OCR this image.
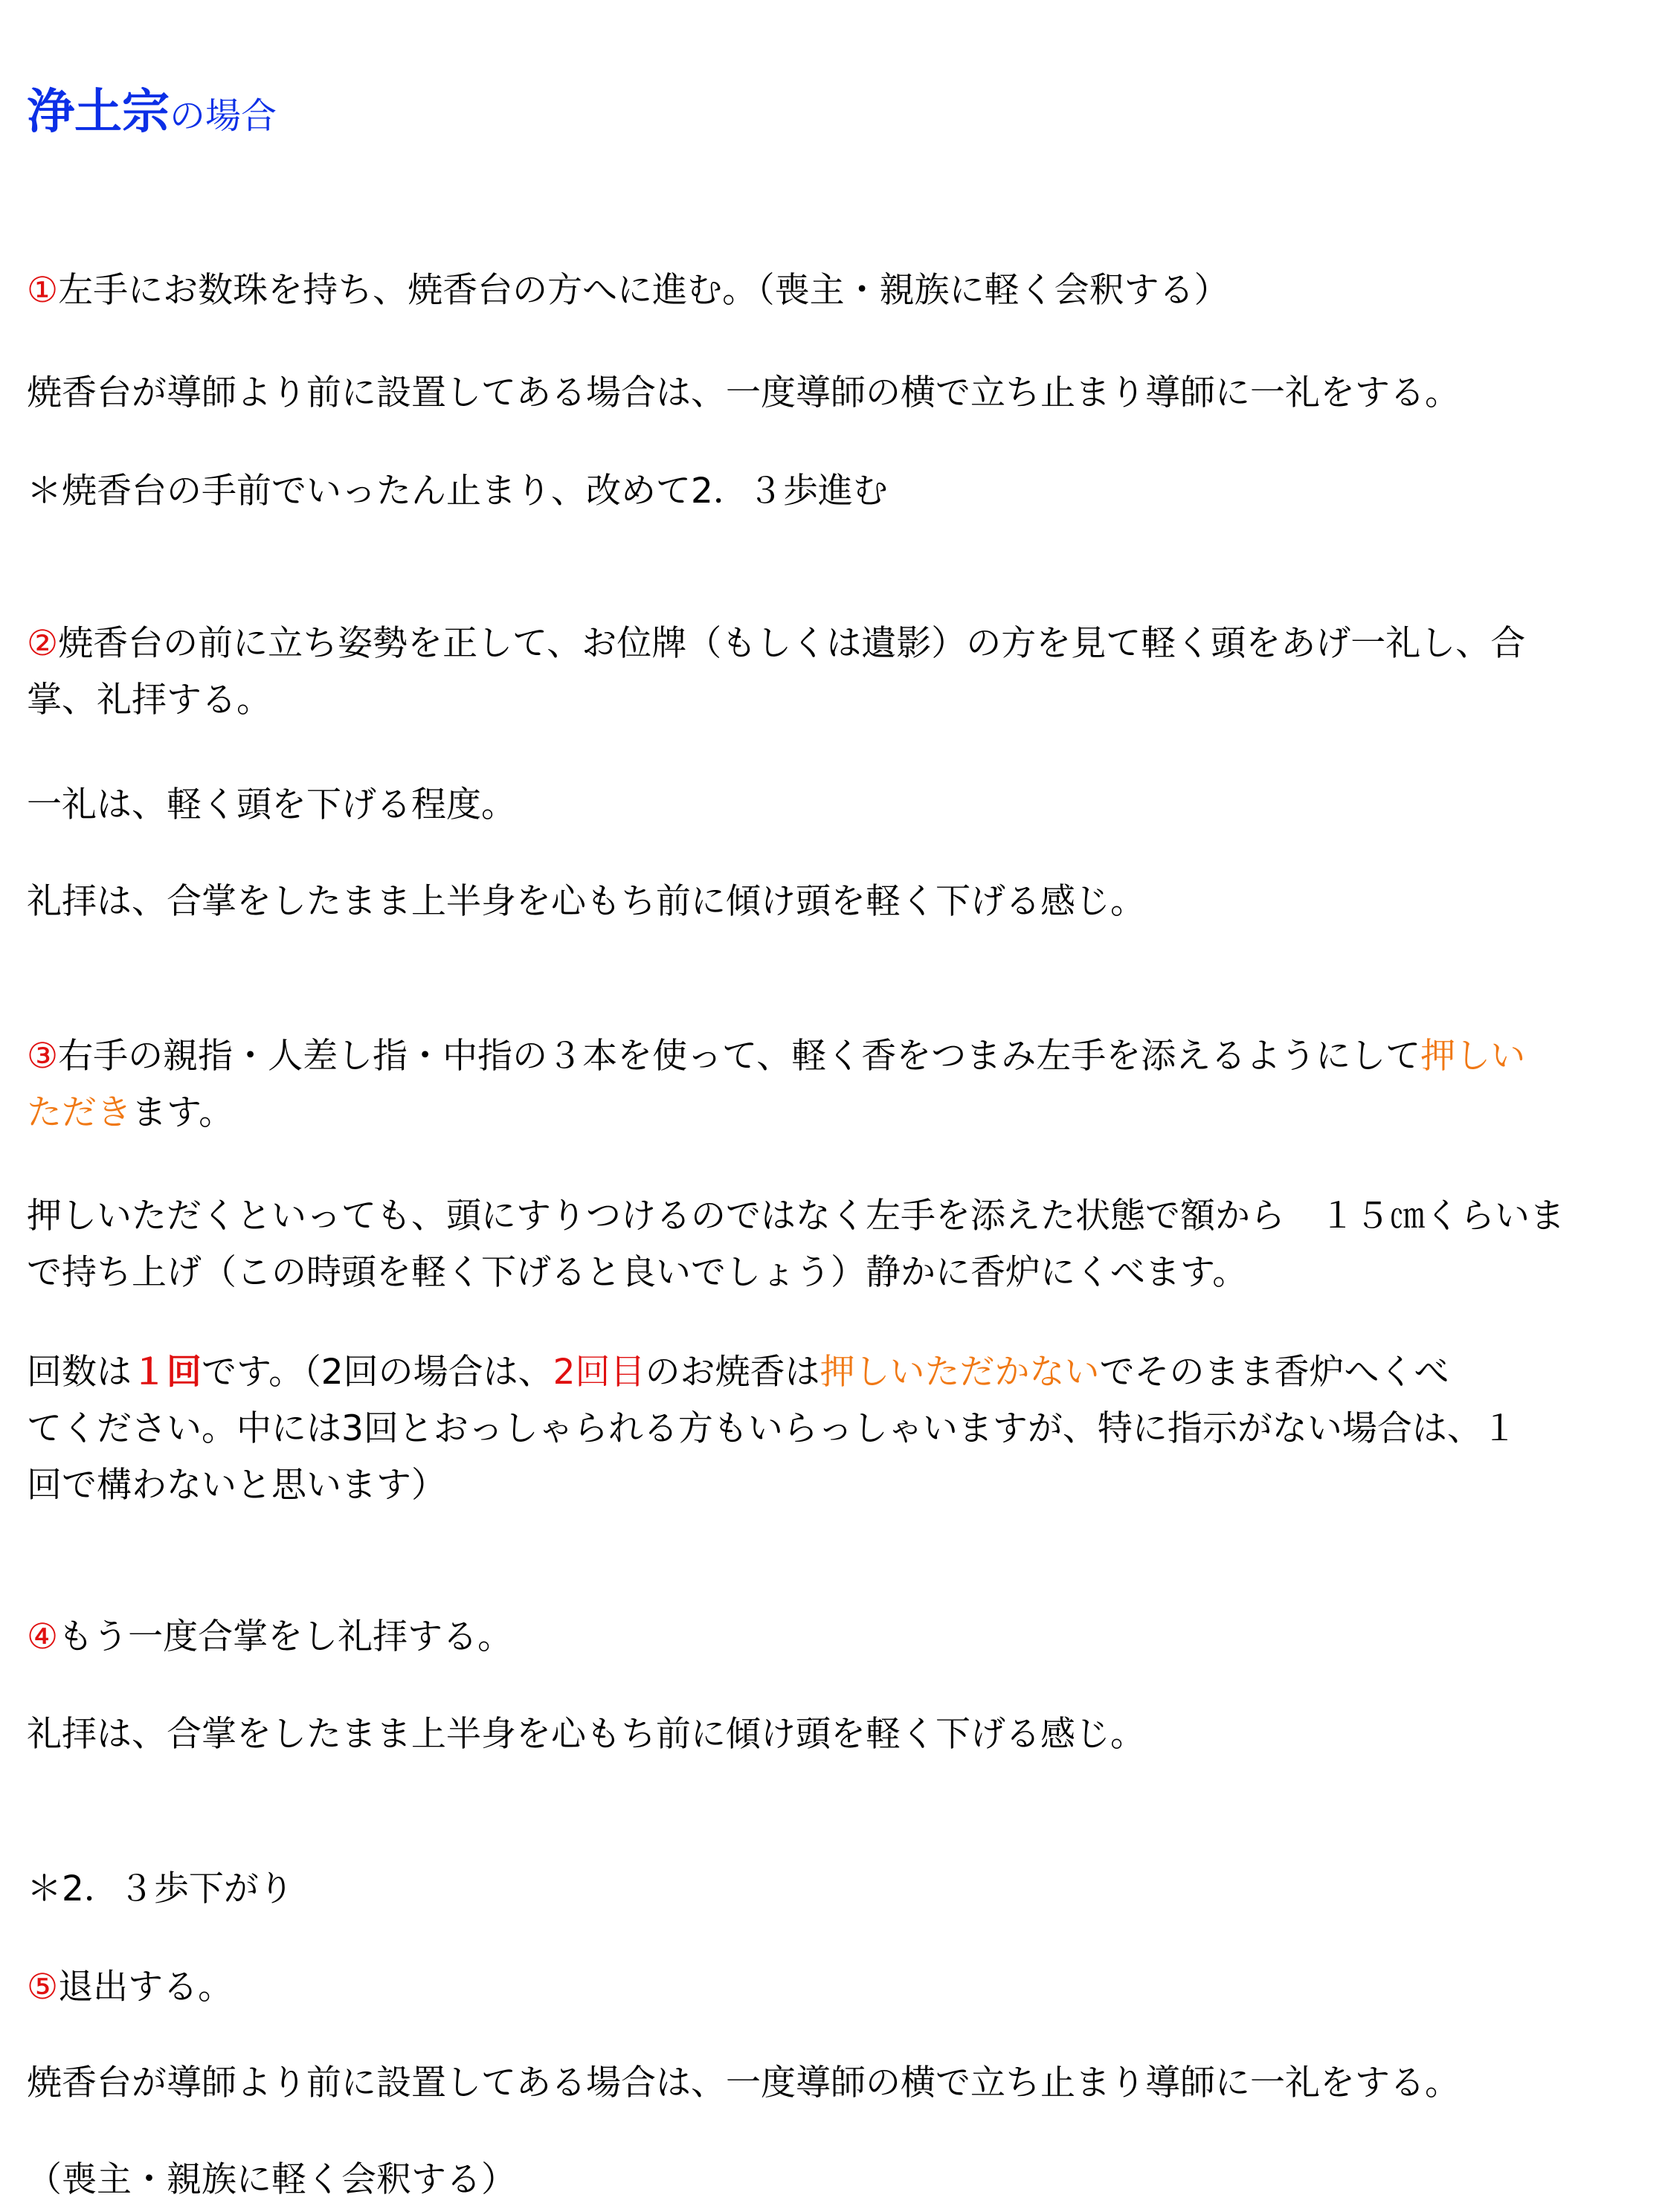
浄土宗の場合
①左手にお数珠を持ち、焼香台の方へに進む。（喪主・親族に軽く会釈する）
焼香台が導師より前に設置してある場合は、一度導師の横で立ち止まり導師に一礼をする。
＊焼香台の手前でいったん止まり、改めて2．３歩進む
②焼香台の前に立ち姿勢を正して、お位牌（もしくは遺影）の方を見て軽く頭をあげ一礼し、合
掌、礼拝する。
一礼は、軽く頭を下げる程度。
礼拝は、合掌をしたまま上半身を心もち前に傾け頭を軽く下げる感じ。
③右手の親指・人差し指・中指の３本を使って、軽く香をつまみ左手を添えるようにして押しい
ただきます。
押しいただくといっても、頭にすりつけるのではなく左手を添えた状態で額から　１５㎝くらいま
で持ち上げ（この時頭を軽く下げると良いでしょう）静かに香炉にくべます。
回数は１回です。（2回の場合は、2回目のお焼香は押しいただかないでそのまま香炉へくべ
てください。中には3回とおっしゃられる方もいらっしゃいますが、特に指示がない場合は、１
回で構わないと思います）
④もう一度合掌をし礼拝する。
礼拝は、合掌をしたまま上半身を心もち前に傾け頭を軽く下げる感じ。
＊2．３歩下がり
⑤退出する。
焼香台が導師より前に設置してある場合は、一度導師の横で立ち止まり導師に一礼をする。
（喪主・親族に軽く会釈する）
